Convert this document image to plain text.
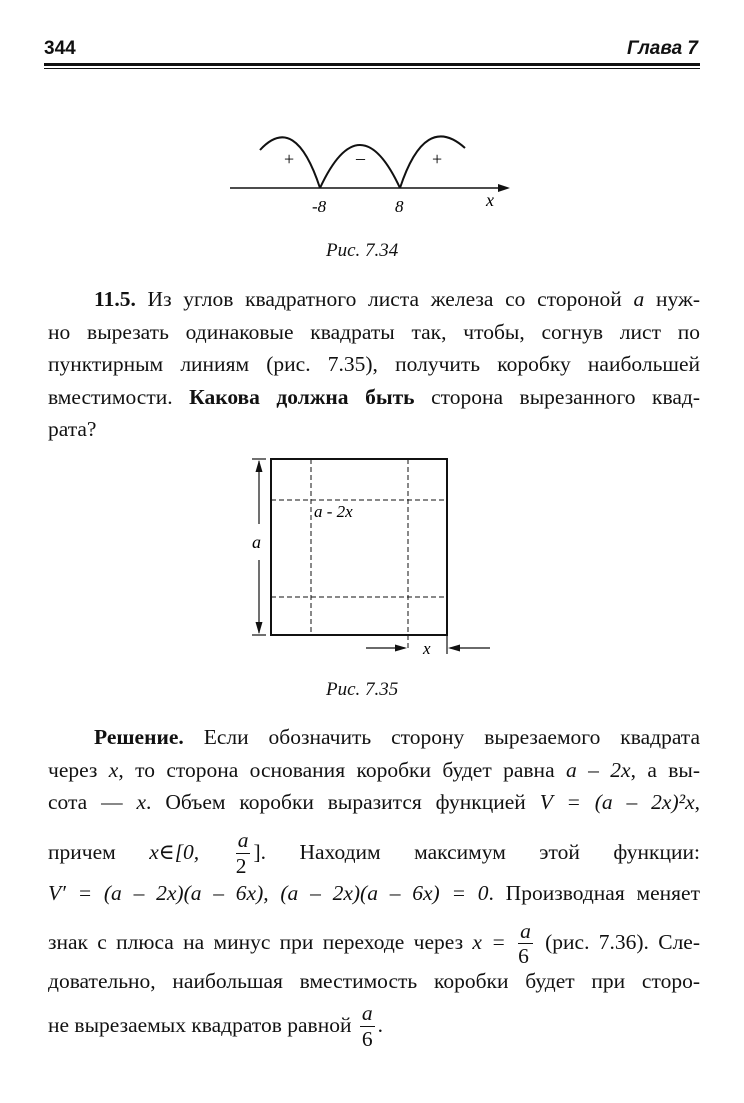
344	Глава 7
+	–	+
-8	8	x
Рис. 7.34
11.5. Из углов квадратного листа железа со стороной a нуж-
но вырезать одинаковые квадраты так, чтобы, согнув лист по
пунктирным линиям (рис. 7.35), получить коробку наибольшей
вместимости. Какова должна быть сторона вырезанного квад-
рата?
a
a - 2x
x
Рис. 7.35
Решение. Если обозначить сторону вырезаемого квадрата
через x, то сторона основания коробки будет равна a – 2x, а вы-
сота — x. Объем коробки выразится функцией V = (a – 2x)²x,
причем x∈[0, $\frac{a}{2}$ ]. Находим максимум этой функции:
V′ = (a – 2x)(a – 6x), (a – 2x)(a – 6x) = 0. Производная меняет
знак с плюса на минус при переходе через $x = \frac{a}{6} (рис$. 7.36). Сле-
довательно, наибольшая вместимость коробки будет при сторо-
не вырезаемых квадратов равной $\frac{a}{6}$ .
